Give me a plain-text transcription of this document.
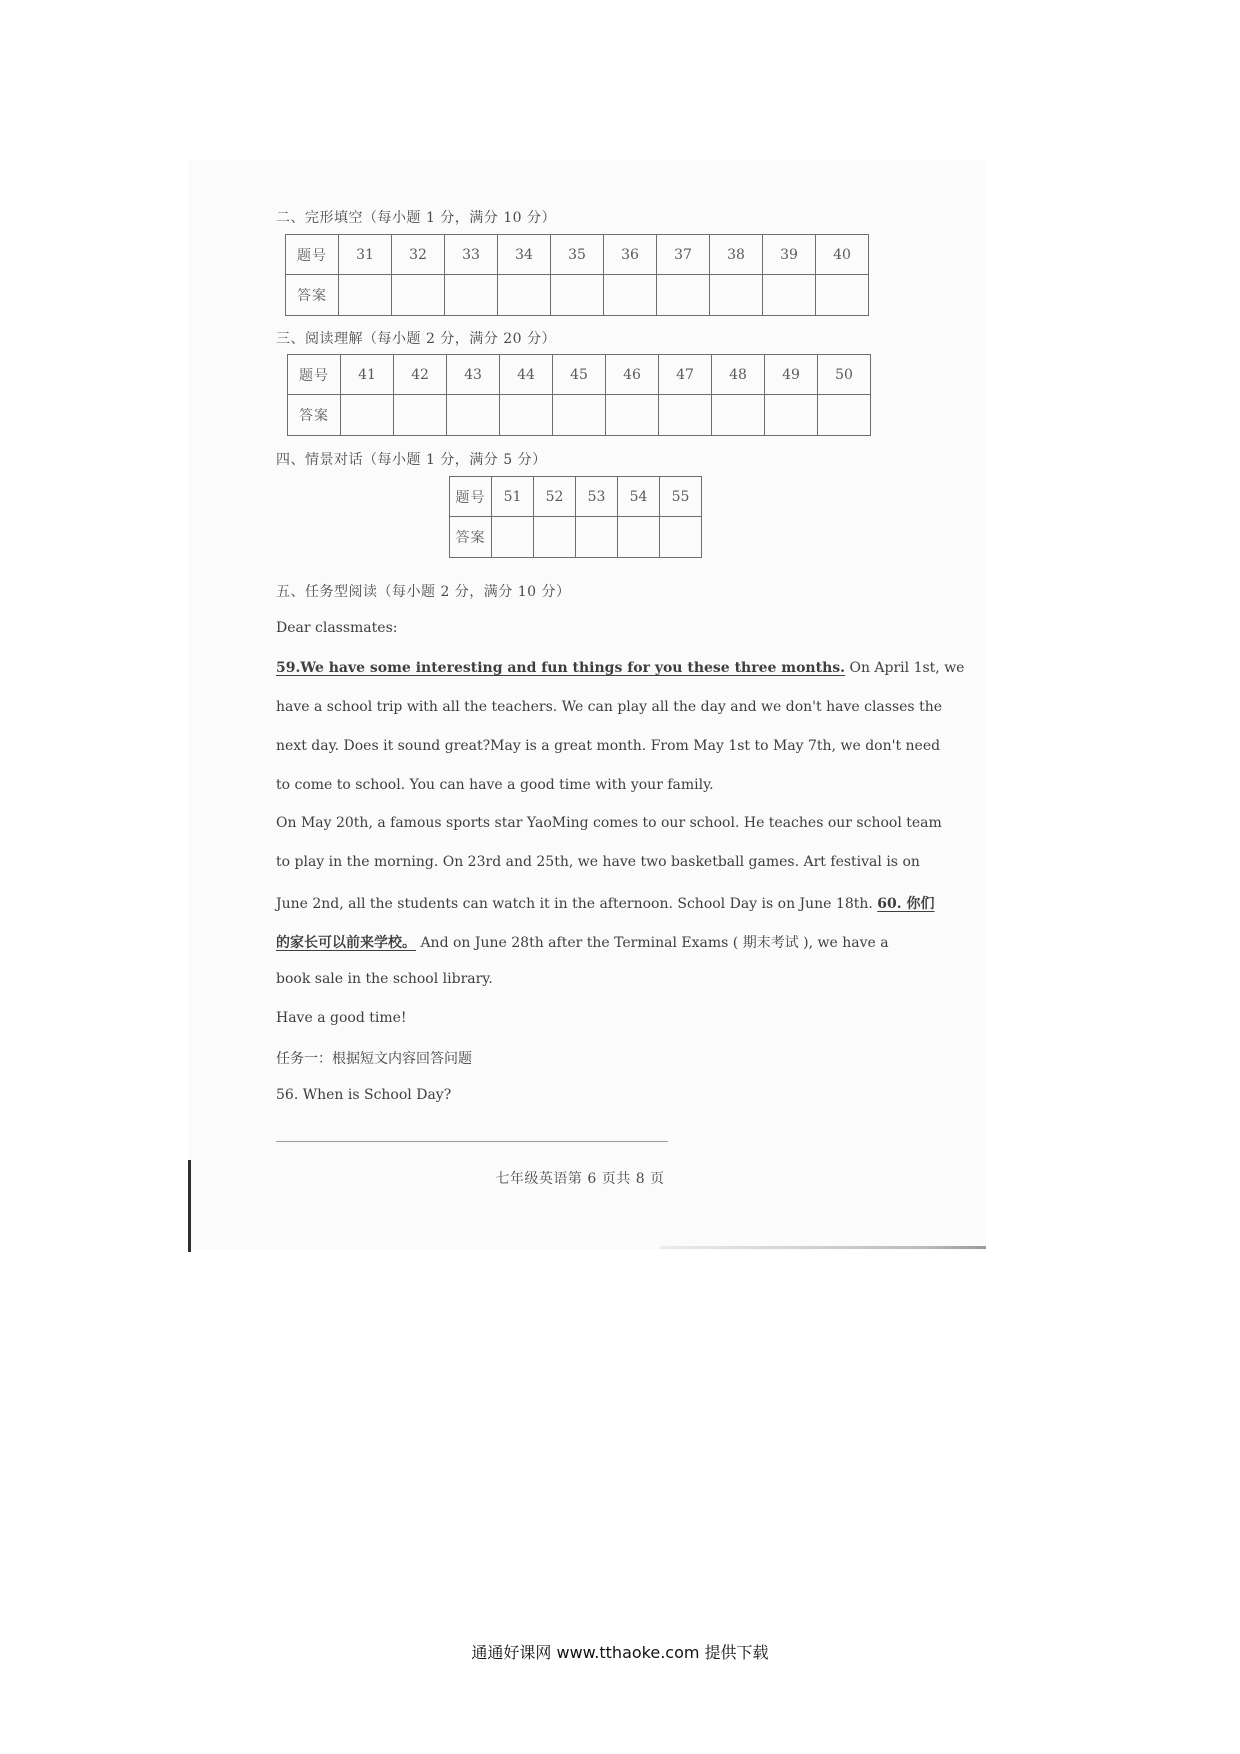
二、完形填空（每小题 1 分，满分 10 分）
题号	31	32	33	34	35	36	37	38	39	40
答案										
三、阅读理解（每小题 2 分，满分 20 分）
题号	41	42	43	44	45	46	47	48	49	50
答案										
四、情景对话（每小题 1 分，满分 5 分）
题号	51	52	53	54	55
答案					
五、任务型阅读（每小题 2 分，满分 10 分）
Dear classmates:
59.We have some interesting and fun things for you these three months. On April 1st, we
have a school trip with all the teachers. We can play all the day and we don't have classes the
next day. Does it sound great?May is a great month. From May 1st to May 7th, we don't need
to come to school. You can have a good time with your family.
On May 20th, a famous sports star YaoMing comes to our school. He teaches our school team
to play in the morning. On 23rd and 25th, we have two basketball games. Art festival is on
June 2nd, all the students can watch it in the afternoon. School Day is on June 18th. 60. 你们
的家长可以前来学校。 And on June 28th after the Terminal Exams ( 期末考试 ), we have a
book sale in the school library.
Have a good time!
任务一：根据短文内容回答问题
56. When is School Day?
七年级英语第 6 页共 8 页
通通好课网 www.tthaoke.com 提供下载
